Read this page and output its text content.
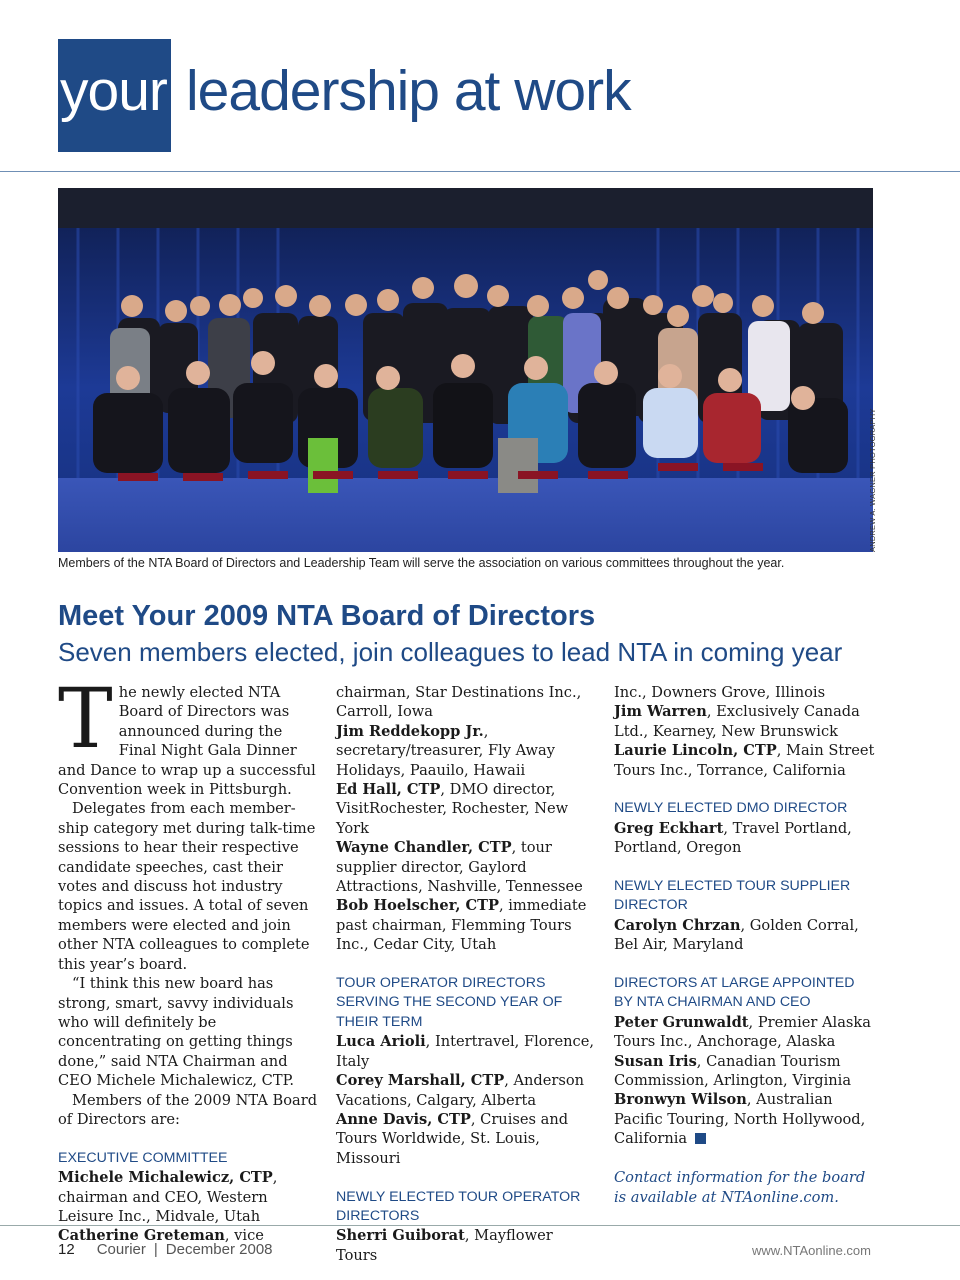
your leadership at work
ANDREW A. WAGNER PHOTOGRAPHY
Members of the NTA Board of Directors and Leadership Team will serve the association on various committees throughout the year.
Meet Your 2009 NTA Board of Directors
Seven members elected, join colleagues to lead NTA in coming year

The newly elected NTA Board of Directors was announced during the Final Night Gala Dinner and Dance to wrap up a successful Convention week in Pittsburgh.

Delegates from each member-ship category met during talk-time sessions to hear their respective candidate speeches, cast their votes and discuss hot industry topics and issues. A total of seven members were elected and join other NTA colleagues to complete this year’s board.

“I think this new board has strong, smart, savvy individuals who will definitely be concentrating on getting things done,” said NTA Chairman and CEO Michele Michalewicz, CTP.

Members of the 2009 NTA Board of Directors are:

EXECUTIVE COMMITTEE

Michele Michalewicz, CTP, chairman and CEO, Western Leisure Inc., Midvale, Utah

Catherine Greteman, vice

chairman, Star Destinations Inc., Carroll, Iowa

Jim Reddekopp Jr., secretary/treasurer, Fly Away Holidays, Paauilo, Hawaii

Ed Hall, CTP, DMO director, VisitRochester, Rochester, New York

Wayne Chandler, CTP, tour supplier director, Gaylord Attractions, Nashville, Tennessee

Bob Hoelscher, CTP, immediate past chairman, Flemming Tours Inc., Cedar City, Utah

TOUR OPERATOR DIRECTORS SERVING THE SECOND YEAR OF THEIR TERM

Luca Arioli, Intertravel, Florence, Italy

Corey Marshall, CTP, Anderson Vacations, Calgary, Alberta

Anne Davis, CTP, Cruises and Tours Worldwide, St. Louis, Missouri

NEWLY ELECTED TOUR OPERATOR DIRECTORS

Sherri Guiborat, Mayflower Tours

Inc., Downers Grove, Illinois

Jim Warren, Exclusively Canada Ltd., Kearney, New Brunswick

Laurie Lincoln, CTP, Main Street Tours Inc., Torrance, California

NEWLY ELECTED DMO DIRECTOR

Greg Eckhart, Travel Portland, Portland, Oregon

NEWLY ELECTED TOUR SUPPLIER DIRECTOR

Carolyn Chrzan, Golden Corral, Bel Air, Maryland

DIRECTORS AT LARGE APPOINTED BY NTA CHAIRMAN AND CEO

Peter Grunwaldt, Premier Alaska Tours Inc., Anchorage, Alaska

Susan Iris, Canadian Tourism Commission, Arlington, Virginia

Bronwyn Wilson, Australian Pacific Touring, North Hollywood, California

Contact information for the board is available at NTAonline.com.

12 Courier | December 2008	www.NTAonline.com
